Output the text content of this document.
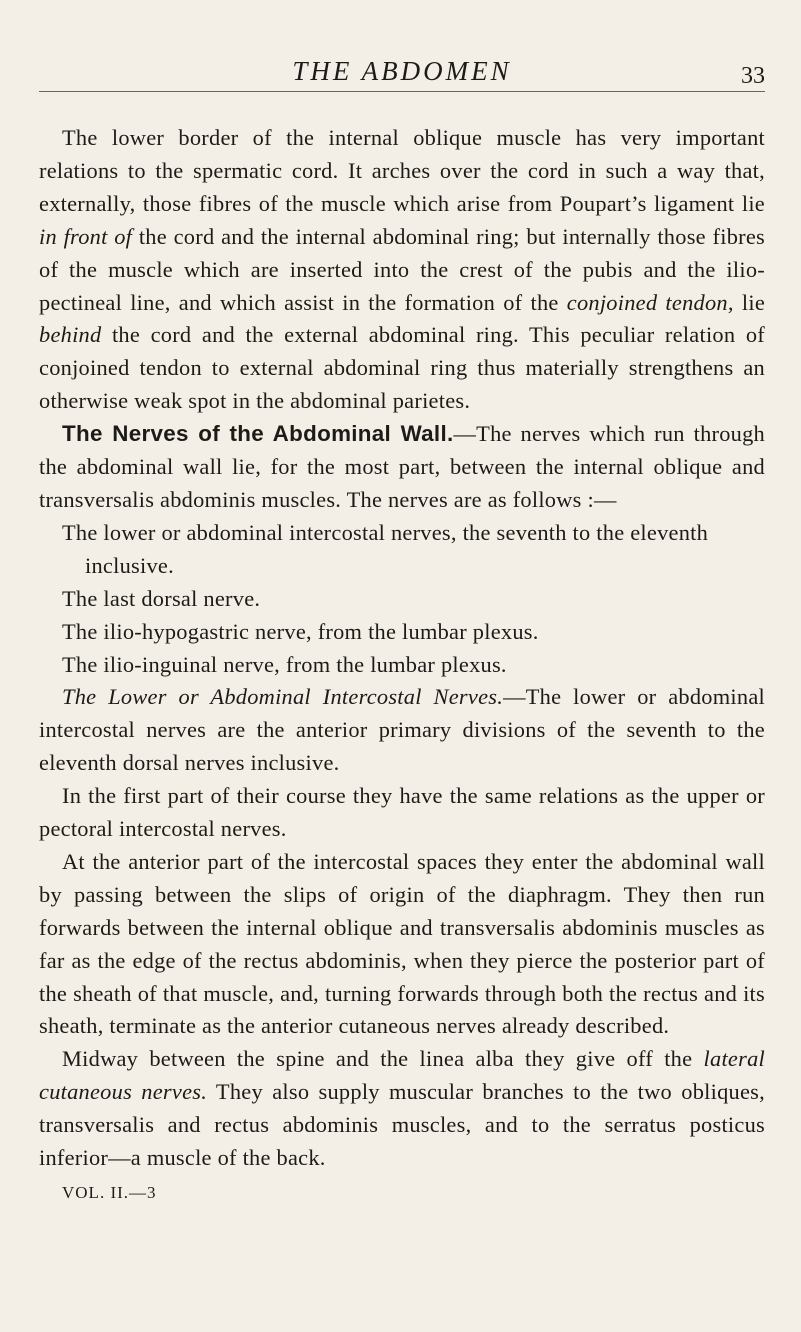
THE ABDOMEN	33

The lower border of the internal oblique muscle has very important relations to the spermatic cord. It arches over the cord in such a way that, externally, those fibres of the muscle which arise from Poupart’s ligament lie in front of the cord and the internal abdominal ring; but internally those fibres of the muscle which are inserted into the crest of the pubis and the ilio-pectineal line, and which assist in the formation of the conjoined tendon, lie behind the cord and the external abdominal ring. This peculiar relation of conjoined tendon to external abdominal ring thus materially strengthens an otherwise weak spot in the abdominal parietes.

The Nerves of the Abdominal Wall.—The nerves which run through the abdominal wall lie, for the most part, between the internal oblique and transversalis abdominis muscles. The nerves are as follows :—

The lower or abdominal intercostal nerves, the seventh to the eleventh inclusive.

The last dorsal nerve.

The ilio-hypogastric nerve, from the lumbar plexus.

The ilio-inguinal nerve, from the lumbar plexus.

The Lower or Abdominal Intercostal Nerves.—The lower or abdominal intercostal nerves are the anterior primary divisions of the seventh to the eleventh dorsal nerves inclusive.

In the first part of their course they have the same relations as the upper or pectoral intercostal nerves.

At the anterior part of the intercostal spaces they enter the abdominal wall by passing between the slips of origin of the diaphragm. They then run forwards between the internal oblique and transversalis abdominis muscles as far as the edge of the rectus abdominis, when they pierce the posterior part of the sheath of that muscle, and, turning forwards through both the rectus and its sheath, terminate as the anterior cutaneous nerves already described.

Midway between the spine and the linea alba they give off the lateral cutaneous nerves. They also supply muscular branches to the two obliques, transversalis and rectus abdominis muscles, and to the serratus posticus inferior—a muscle of the back.

VOL. II.—3
